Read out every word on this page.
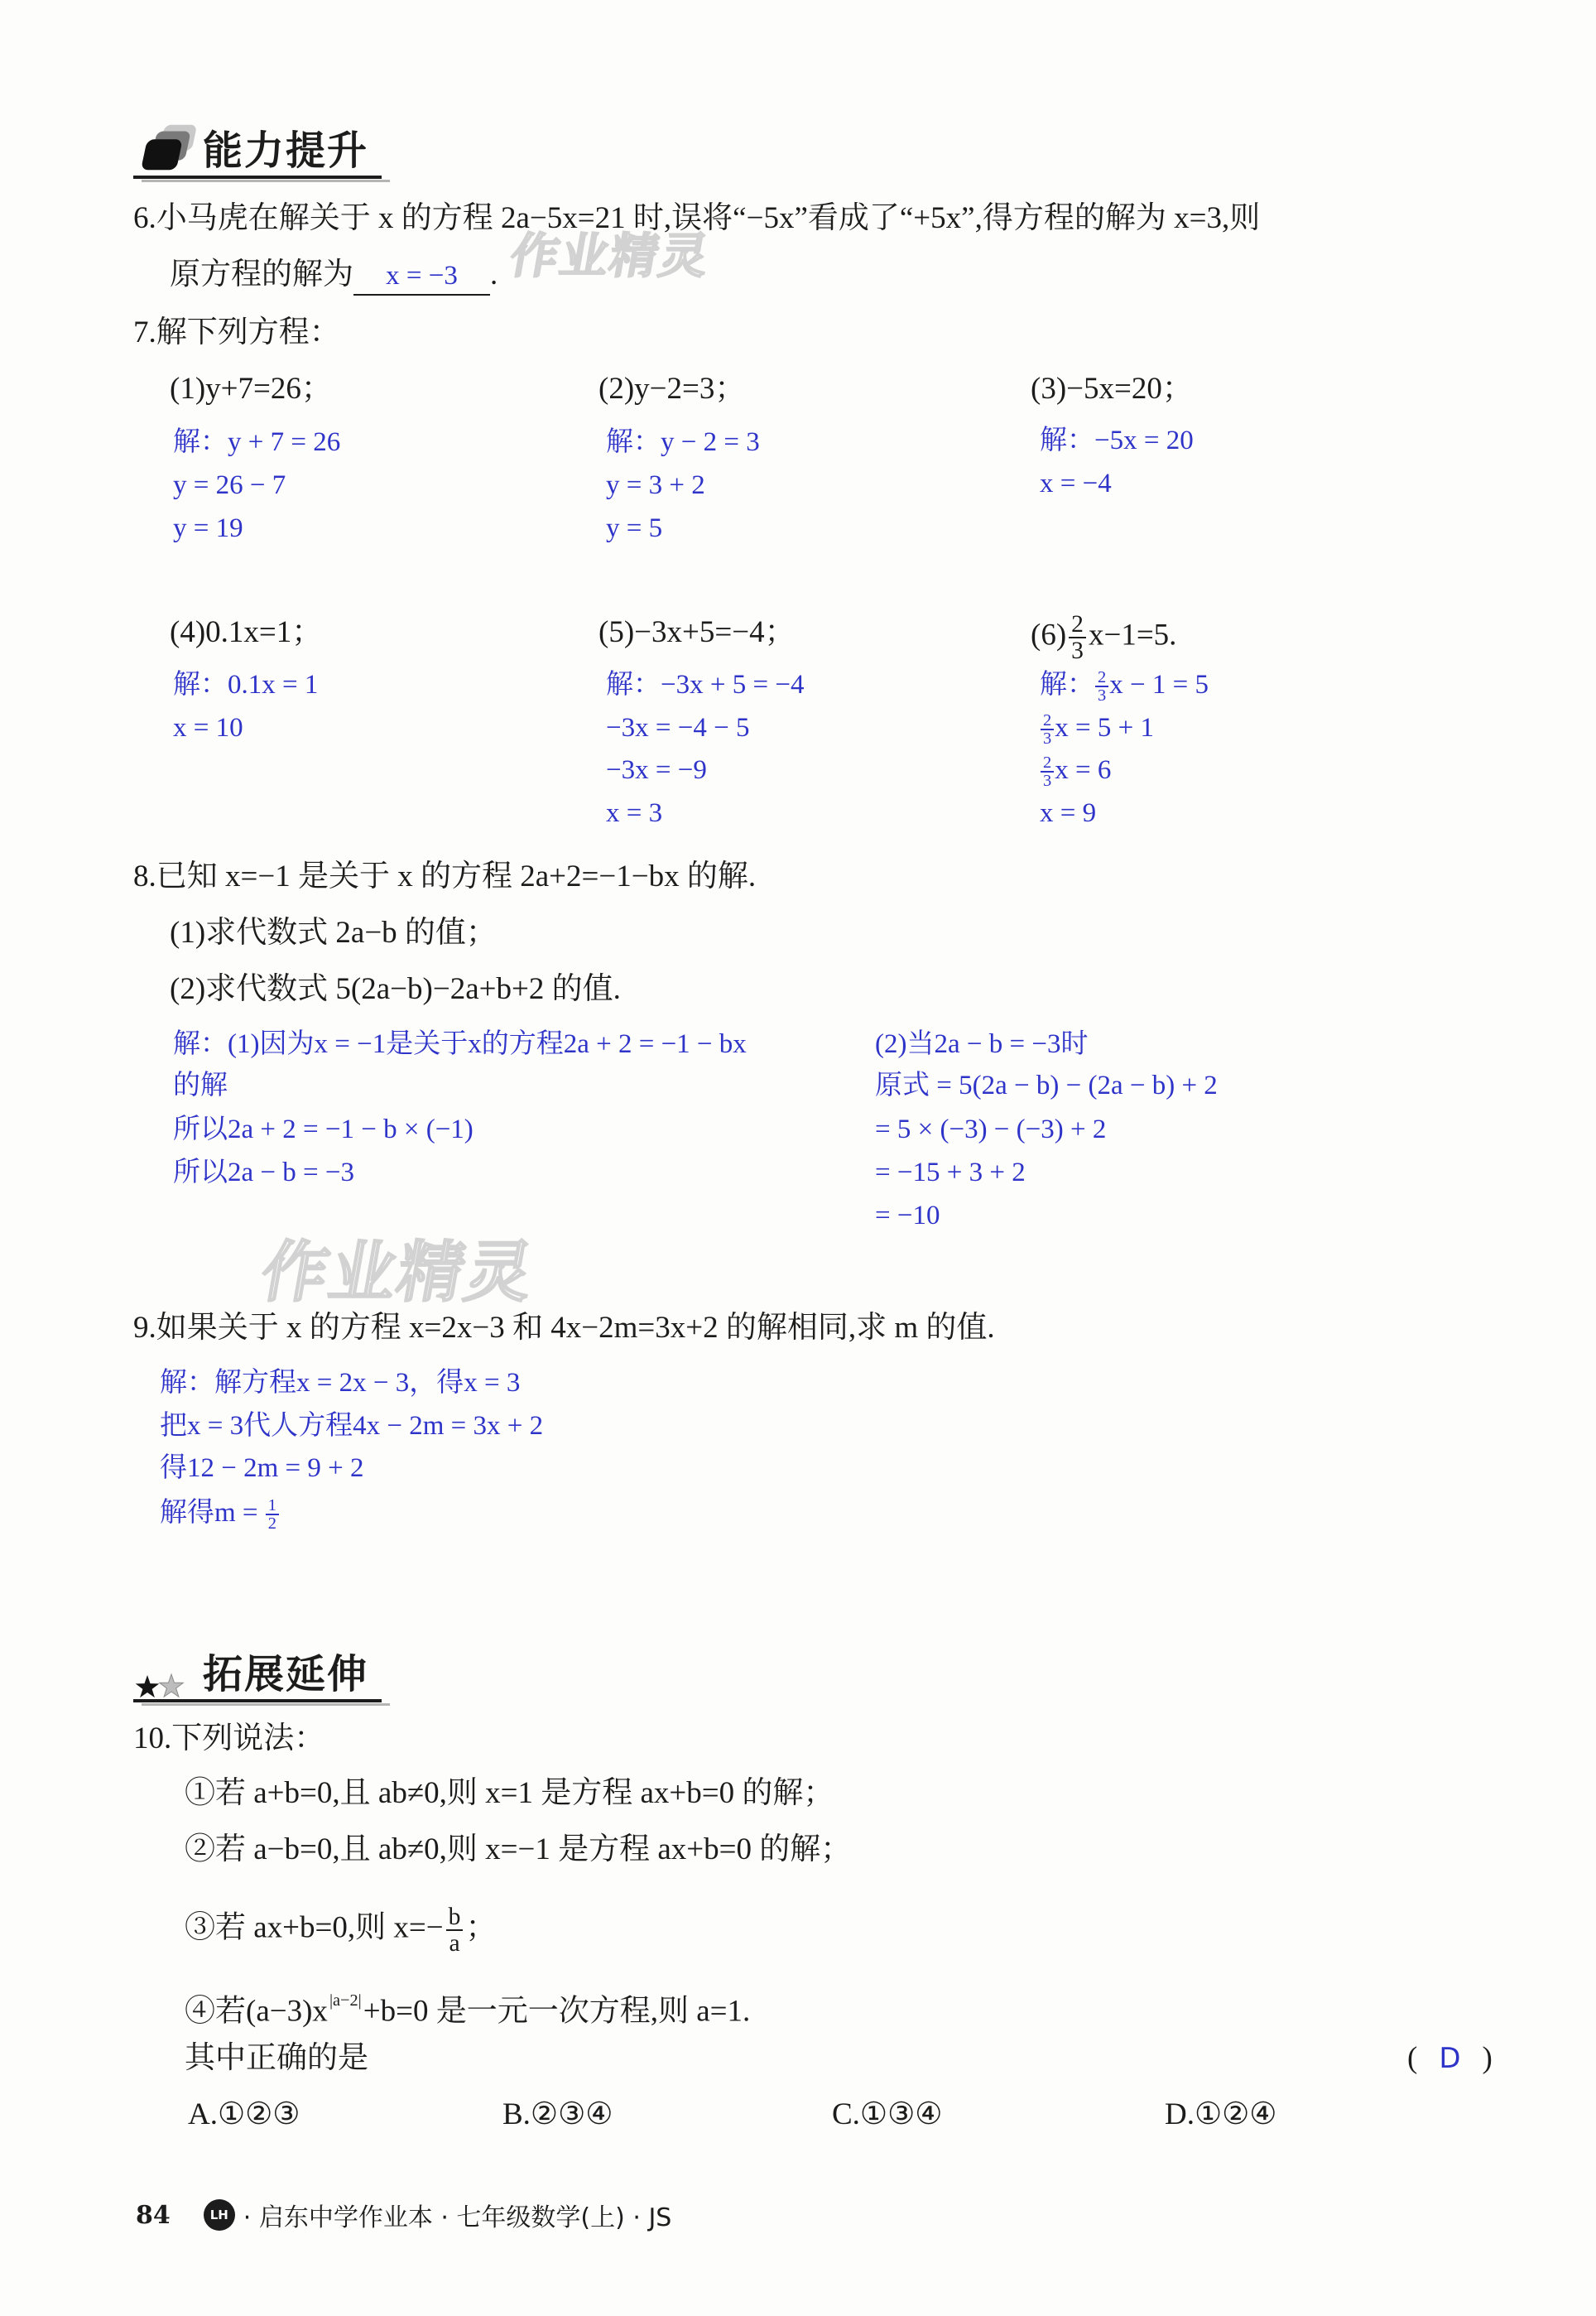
能力提升
作业精灵
作业精灵
6.小马虎在解关于 x 的方程 2a−5x=21 时,误将“−5x”看成了“+5x”,得方程的解为 x=3,则
原方程的解为 x = −3 .
7.解下列方程：
(1)y+7=26；	(2)y−2=3；	(3)−5x=20；
解：y + 7 = 26
y = 26 − 7
y = 19
解：y − 2 = 3
y = 3 + 2
y = 5
解：−5x = 20
x = −4
(4)0.1x=1；	(5)−3x+5=−4；	$(6) \frac{2}{3} x-1=5$.
解：0.1x = 1
x = 10
解：−3x + 5 = −4
−3x = −4 − 5
−3x = −9
x = 3
解： $\frac{2}{3}$ x − 1 = 5
$\frac{2}{3}$ x = 5 + 1
$\frac{2}{3}$ x = 6
x = 9
8.已知 x=−1 是关于 x 的方程 2a+2=−1−bx 的解.
(1)求代数式 2a−b 的值；
(2)求代数式 5(2a−b)−2a+b+2 的值.
解：(1)因为x = −1是关于x的方程2a + 2 = −1 − bx
的解
所以2a + 2 = −1 − b × (−1)
所以2a − b = −3
(2)当2a − b = −3时
原式 = 5(2a − b) − (2a − b) + 2
= 5 × (−3) − (−3) + 2
= −15 + 3 + 2
= −10
9.如果关于 x 的方程 x=2x−3 和 4x−2m=3x+2 的解相同,求 m 的值.
解：解方程x = 2x − 3，得x = 3
把x = 3代人方程4x − 2m = 3x + 2
得12 − 2m = 9 + 2
解得$m = \frac{1}{2}$
拓展延伸
10.下列说法：
①若 a+b=0,且 ab≠0,则 x=1 是方程 ax+b=0 的解；
②若 a−b=0,且 ab≠0,则 x=−1 是方程 ax+b=0 的解；
③若 ax+b=0,则 $x=- \frac{b}{a}$ ；
④若$(a-3)x^{|a-2|}+b=0$ 是一元一次方程,则 a=1.
其中正确的是	( D )
A.①②③	B.②③④	C.①③④	D.①②④
84	LH · 启东中学作业本 · 七年级数学(上) · JS
